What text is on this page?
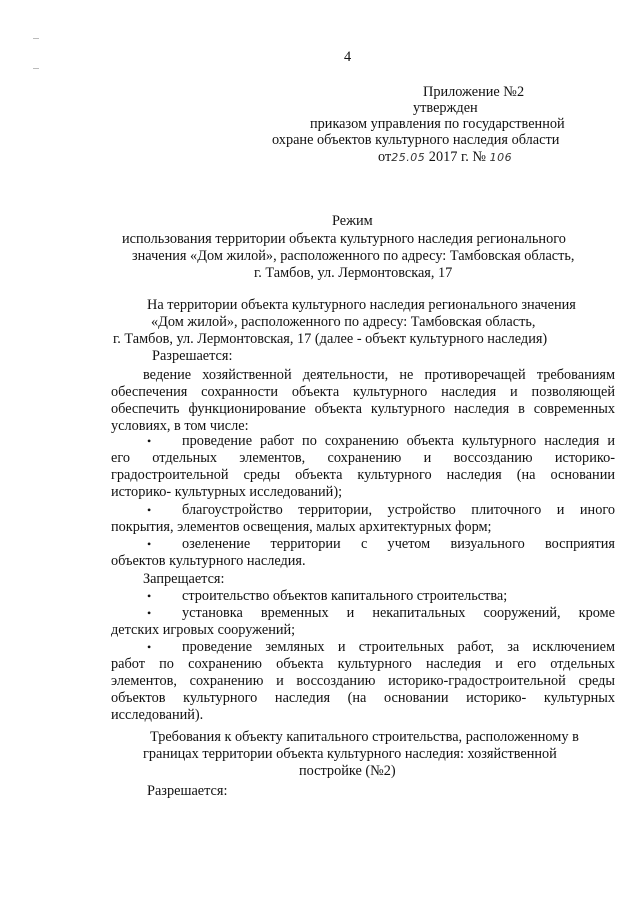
4
Приложение №2
утвержден
приказом управления по государственной
охране объектов культурного наследия области
от25.05 2017 г. № 106
Режим
использования территории объекта культурного наследия регионального
значения «Дом жилой», расположенного по адресу: Тамбовская область,
г. Тамбов, ул. Лермонтовская, 17
На территории объекта культурного наследия регионального значения
«Дом жилой», расположенного по адресу: Тамбовская область,
г. Тамбов, ул. Лермонтовская, 17 (далее - объект культурного наследия)
Разрешается:
ведение хозяйственной деятельности, не противоречащей требованиям
обеспечения сохранности объекта культурного наследия и позволяющей
обеспечить функционирование объекта культурного наследия в современных
условиях, в том числе:
• проведение работ по сохранению объекта культурного наследия и
его отдельных элементов, сохранению и воссозданию историко-
градостроительной среды объекта культурного наследия (на основании
историко- культурных исследований);
• благоустройство территории, устройство плиточного и иного
покрытия, элементов освещения, малых архитектурных форм;
• озеленение территории с учетом визуального восприятия
объектов культурного наследия.
Запрещается:
• строительство объектов капитального строительства;
• установка временных и некапитальных сооружений, кроме
детских игровых сооружений;
• проведение земляных и строительных работ, за исключением
работ по сохранению объекта культурного наследия и его отдельных
элементов, сохранению и воссозданию историко-градостроительной среды
объектов культурного наследия (на основании историко- культурных
исследований).
Требования к объекту капитального строительства, расположенному в
границах территории объекта культурного наследия: хозяйственной
постройке (№2)
Разрешается:
